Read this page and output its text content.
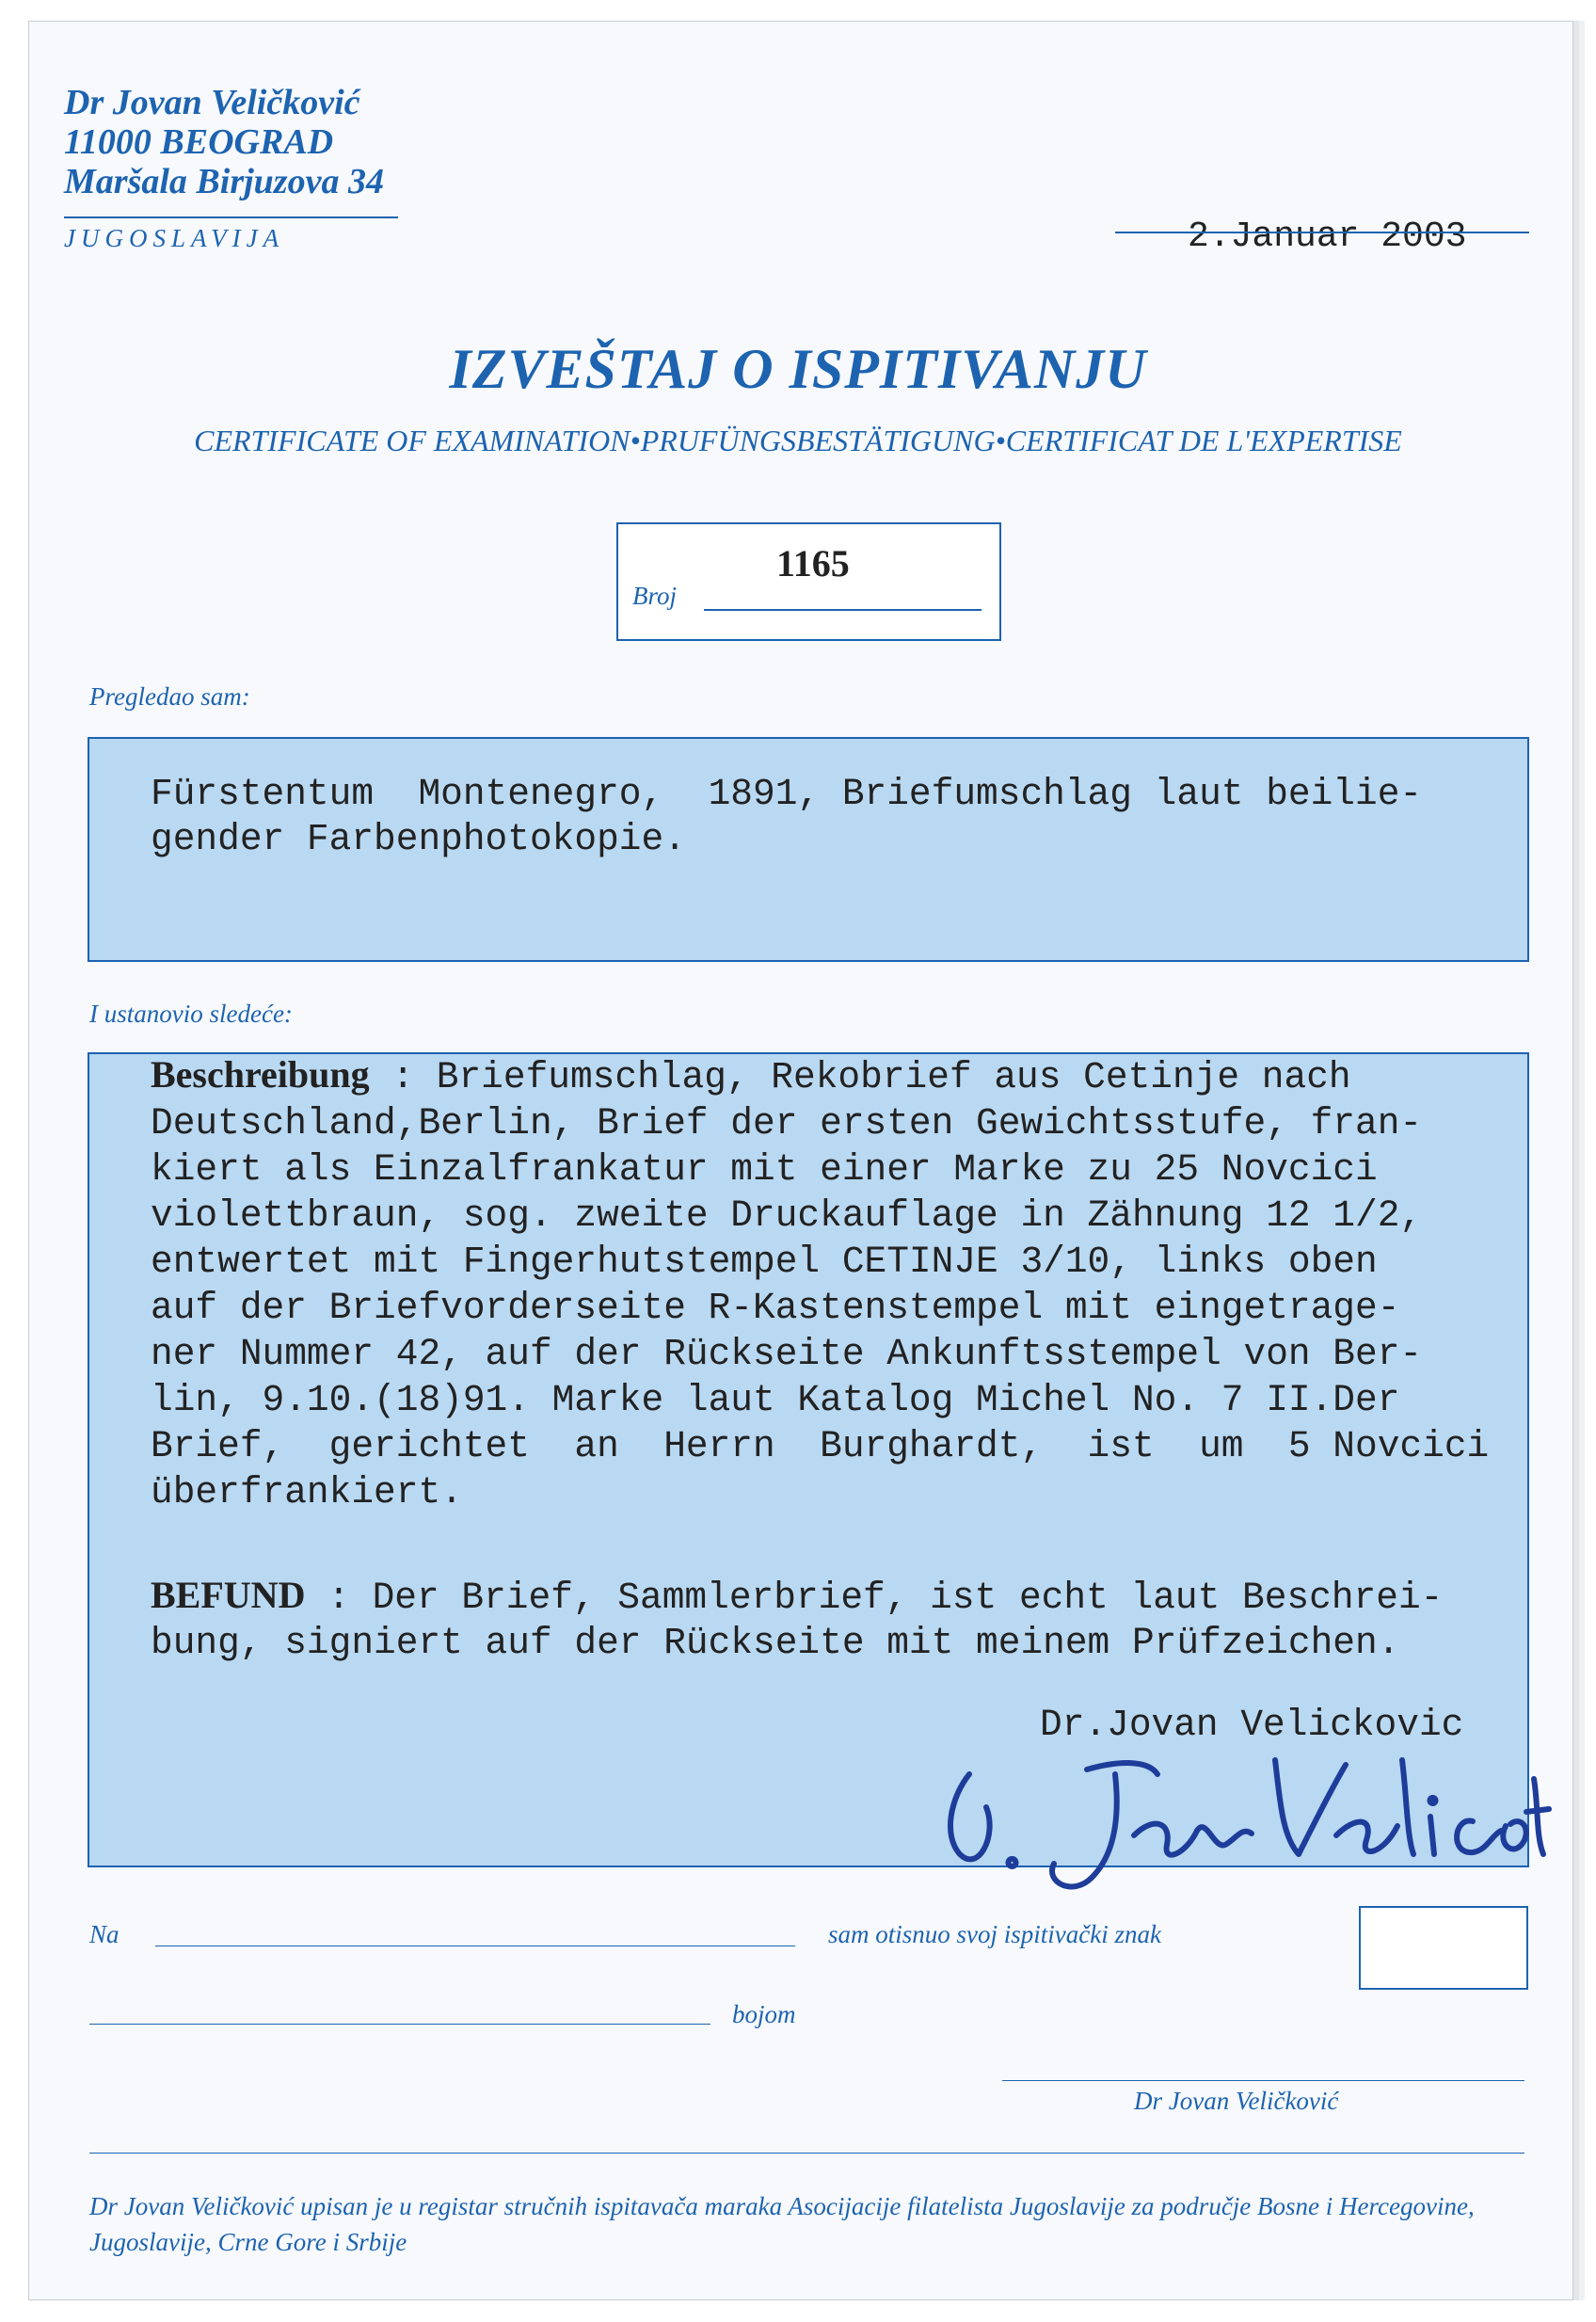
Dr Jovan Veličković
11000 BEOGRAD
Maršala Birjuzova 34
JUGOSLAVIJA	2.Januar 2003
IZVEŠTAJ O ISPITIVANJU
CERTIFICATE OF EXAMINATION•PRUFÜNGSBESTÄTIGUNG•CERTIFICAT DE L'EXPERTISE
1165
Broj
Pregledao sam:
Fürstentum  Montenegro,  1891, Briefumschlag laut beilie-
gender Farbenphotokopie.
I ustanovio sledeće:
Beschreibung : Briefumschlag, Rekobrief aus Cetinje nach
Deutschland,Berlin, Brief der ersten Gewichtsstufe, fran-
kiert als Einzalfrankatur mit einer Marke zu 25 Novcici
violettbraun, sog. zweite Druckauflage in Zähnung 12 1/2,
entwertet mit Fingerhutstempel CETINJE 3/10, links oben
auf der Briefvorderseite R-Kastenstempel mit eingetrage-
ner Nummer 42, auf der Rückseite Ankunftsstempel von Ber-
lin, 9.10.(18)91. Marke laut Katalog Michel No. 7 II.Der
Brief,  gerichtet  an  Herrn  Burghardt,  ist  um  5 Novcici
überfrankiert.
BEFUND : Der Brief, Sammlerbrief, ist echt laut Beschrei-
bung, signiert auf der Rückseite mit meinem Prüfzeichen.
Dr.Jovan Velickovic
Na	sam otisnuo svoj ispitivački znak
bojom
Dr Jovan Veličković
Dr Jovan Veličković upisan je u registar stručnih ispitavača maraka Asocijacije filatelista Jugoslavije za područje Bosne i Hercegovine, Jugoslavije, Crne Gore i Srbije
